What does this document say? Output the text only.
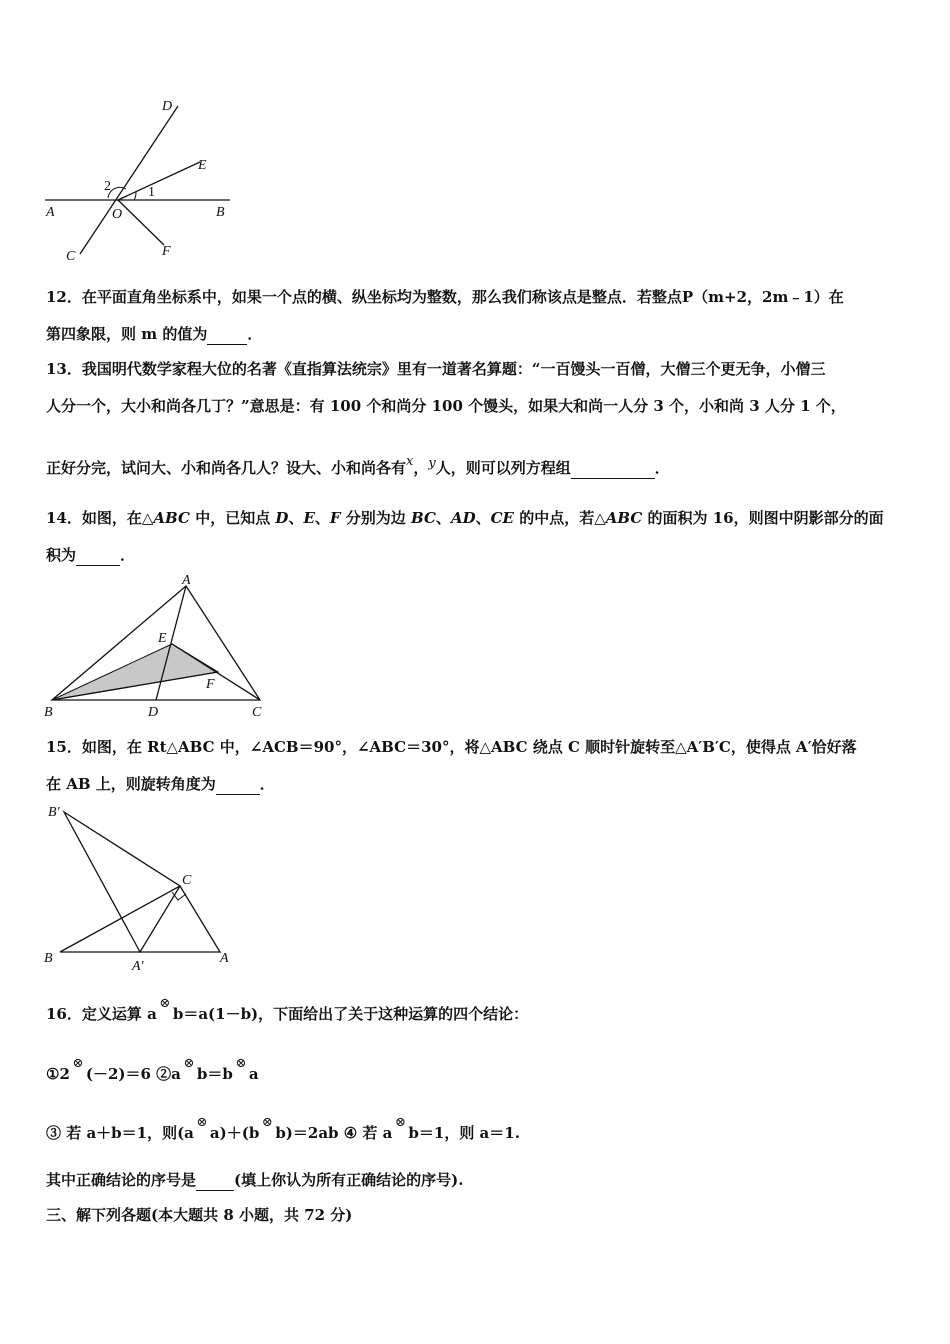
D
E
2	1
A	O	B
C	F
12．在平面直角坐标系中，如果一个点的横、纵坐标均为整数，那么我们称该点是整点．若整点P（m+2，2m﹣1）在
第四象限，则 m 的值为	．
13．我国明代数学家程大位的名著《直指算法统宗》里有一道著名算题：“一百馒头一百僧，大僧三个更无争，小僧三
人分一个，大小和尚各几丁？”意思是：有 100 个和尚分 100 个馒头，如果大和尚一人分 3 个，小和尚 3 人分 1 个，
正好分完，试问大、小和尚各几人？设大、小和尚各有x，y人，则可以列方程组	．
14．如图，在△ABC 中，已知点 D、E、F 分别为边 BC、AD、CE 的中点，若△ABC 的面积为 16，则图中阴影部分的面
积为	．
A
E
F
B	D	C
15．如图，在 Rt△ABC 中，∠ACB＝90°，∠ABC＝30°，将△ABC 绕点 C 顺时针旋转至△A′B′C，使得点 A′恰好落
在 AB 上，则旋转角度为	．
B′
C
B
A′
A
16．定义运算 a⊗b＝a(1－b)，下面给出了关于这种运算的四个结论：
①2⊗(－2)＝6 ②a⊗b＝b⊗a
③ 若 a＋b＝1，则(a⊗a)＋(b⊗b)＝2ab ④ 若 a⊗b＝1，则 a＝1.
其中正确结论的序号是	(填上你认为所有正确结论的序号).
三、解下列各题(本大题共 8 小题，共 72 分)
